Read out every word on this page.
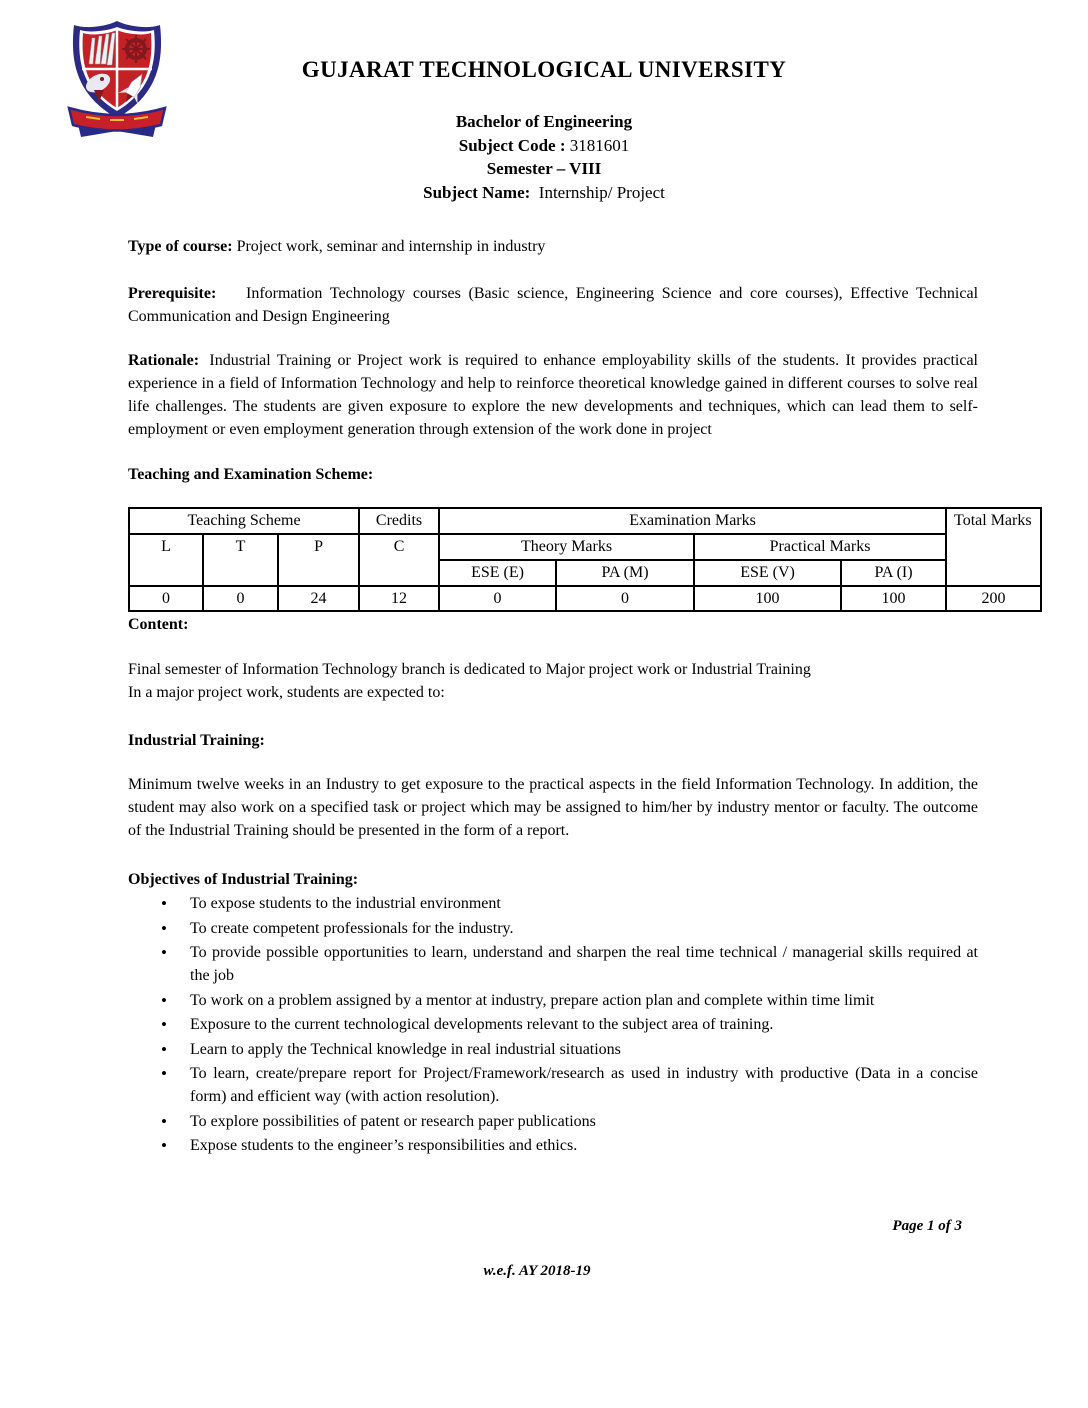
GUJARAT TECHNOLOGICAL UNIVERSITY
Bachelor of Engineering
Subject Code : 3181601
Semester – VIII
Subject Name: Internship/ Project

Type of course: Project work, seminar and internship in industry

Prerequisite: Information Technology courses (Basic science, Engineering Science and core courses), Effective Technical Communication and Design Engineering

Rationale: Industrial Training or Project work is required to enhance employability skills of the students. It provides practical experience in a field of Information Technology and help to reinforce theoretical knowledge gained in different courses to solve real life challenges. The students are given exposure to explore the new developments and techniques, which can lead them to self-employment or even employment generation through extension of the work done in project

Teaching and Examination Scheme:

Teaching Scheme			Credits	Examination Marks				Total Marks
L	T	P	C	Theory Marks		Practical Marks		
				ESE (E)	PA (M)	ESE (V)	PA (I)	
0	0	24	12	0	0	100	100	200

Content:

Final semester of Information Technology branch is dedicated to Major project work or Industrial Training
In a major project work, students are expected to:

Industrial Training:

Minimum twelve weeks in an Industry to get exposure to the practical aspects in the field Information Technology. In addition, the student may also work on a specified task or project which may be assigned to him/her by industry mentor or faculty. The outcome of the Industrial Training should be presented in the form of a report.

Objectives of Industrial Training:

• To expose students to the industrial environment
• To create competent professionals for the industry.
• To provide possible opportunities to learn, understand and sharpen the real time technical / managerial skills required at the job
• To work on a problem assigned by a mentor at industry, prepare action plan and complete within time limit
• Exposure to the current technological developments relevant to the subject area of training.
• Learn to apply the Technical knowledge in real industrial situations
• To learn, create/prepare report for Project/Framework/research as used in industry with productive (Data in a concise form) and efficient way (with action resolution).
• To explore possibilities of patent or research paper publications
• Expose students to the engineer’s responsibilities and ethics.
Page 1 of 3
w.e.f. AY 2018-19
